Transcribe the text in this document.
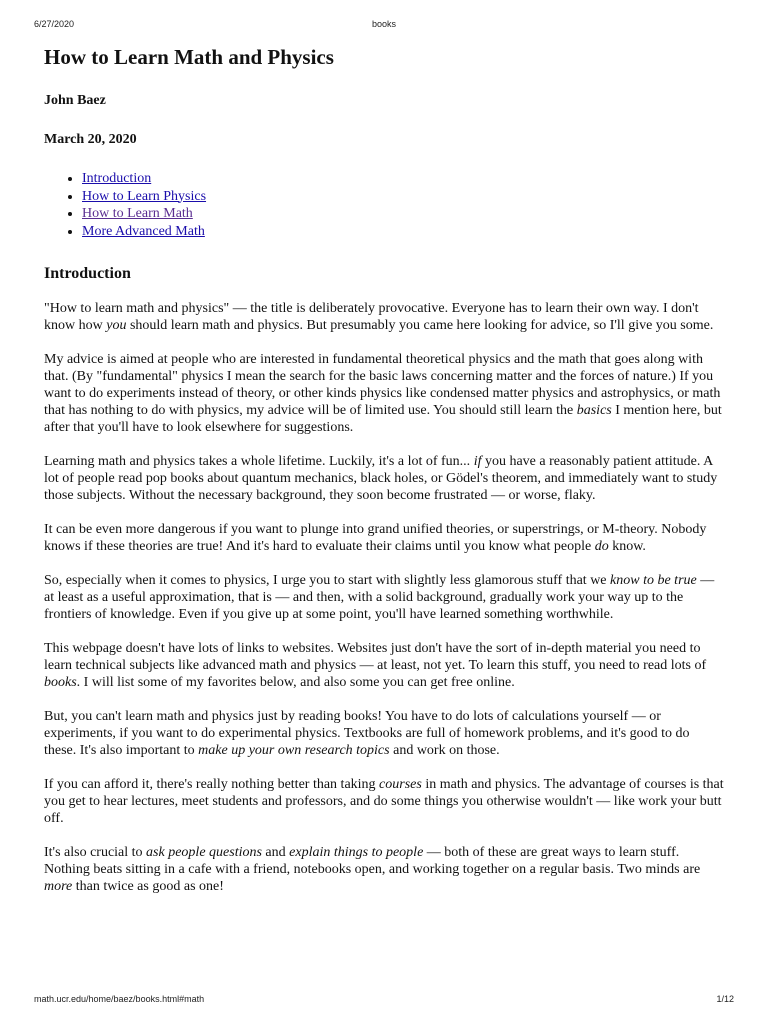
6/27/2020	books
How to Learn Math and Physics
John Baez
March 20, 2020
• Introduction
• How to Learn Physics
• How to Learn Math
• More Advanced Math
Introduction

"How to learn math and physics" — the title is deliberately provocative. Everyone has to learn their own way. I don't know how you should learn math and physics. But presumably you came here looking for advice, so I'll give you some.

My advice is aimed at people who are interested in fundamental theoretical physics and the math that goes along with that. (By "fundamental" physics I mean the search for the basic laws concerning matter and the forces of nature.) If you want to do experiments instead of theory, or other kinds physics like condensed matter physics and astrophysics, or math that has nothing to do with physics, my advice will be of limited use. You should still learn the basics I mention here, but after that you'll have to look elsewhere for suggestions.

Learning math and physics takes a whole lifetime. Luckily, it's a lot of fun... if you have a reasonably patient attitude. A lot of people read pop books about quantum mechanics, black holes, or Gödel's theorem, and immediately want to study those subjects. Without the necessary background, they soon become frustrated — or worse, flaky.

It can be even more dangerous if you want to plunge into grand unified theories, or superstrings, or M-theory. Nobody knows if these theories are true! And it's hard to evaluate their claims until you know what people do know.

So, especially when it comes to physics, I urge you to start with slightly less glamorous stuff that we know to be true — at least as a useful approximation, that is — and then, with a solid background, gradually work your way up to the frontiers of knowledge. Even if you give up at some point, you'll have learned something worthwhile.

This webpage doesn't have lots of links to websites. Websites just don't have the sort of in-depth material you need to learn technical subjects like advanced math and physics — at least, not yet. To learn this stuff, you need to read lots of books. I will list some of my favorites below, and also some you can get free online.

But, you can't learn math and physics just by reading books! You have to do lots of calculations yourself — or experiments, if you want to do experimental physics. Textbooks are full of homework problems, and it's good to do these. It's also important to make up your own research topics and work on those.

If you can afford it, there's really nothing better than taking courses in math and physics. The advantage of courses is that you get to hear lectures, meet students and professors, and do some things you otherwise wouldn't — like work your butt off.

It's also crucial to ask people questions and explain things to people — both of these are great ways to learn stuff. Nothing beats sitting in a cafe with a friend, notebooks open, and working together on a regular basis. Two minds are more than twice as good as one!

math.ucr.edu/home/baez/books.html#math	1/12
